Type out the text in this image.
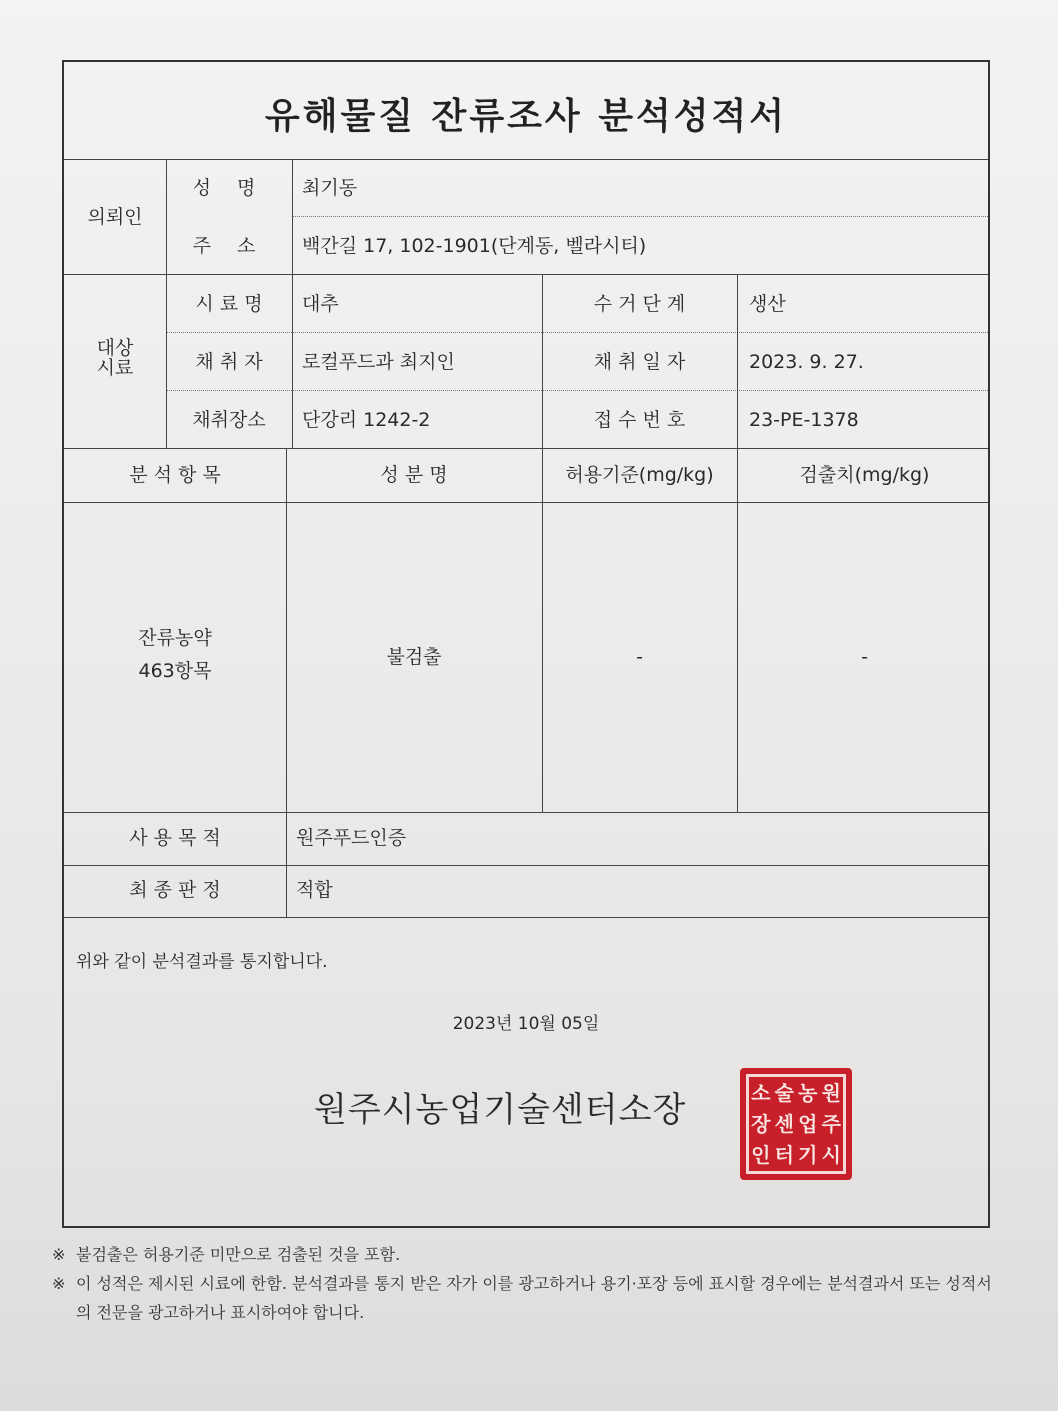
유해물질 잔류조사 분석성적서
의뢰인
성 명	최기동
주 소	백간길 17, 102-1901(단계동, 벨라시티)
대상
시료
시 료 명	대추	수 거 단 계	생산
채 취 자	로컬푸드과 최지인	채 취 일 자	2023. 9. 27.
채취장소	단강리 1242-2	접 수 번 호	23-PE-1378
분 석 항 목	성 분 명	허용기준(mg/kg)	검출치(mg/kg)
잔류농약
463항목
불검출	-	-
사 용 목 적	원주푸드인증
최 종 판 정	적합
위와 같이 분석결과를 통지합니다.
2023년 10월 05일
원주시농업기술센터소장	소 술 농 원
장 센 업 주
인 터 기 시
※ 불검출은 허용기준 미만으로 검출된 것을 포함.
※ 이 성적은 제시된 시료에 한함. 분석결과를 통지 받은 자가 이를 광고하거나 용기·포장 등에 표시할 경우에는 분석결과서 또는 성적서의 전문을 광고하거나 표시하여야 합니다.
